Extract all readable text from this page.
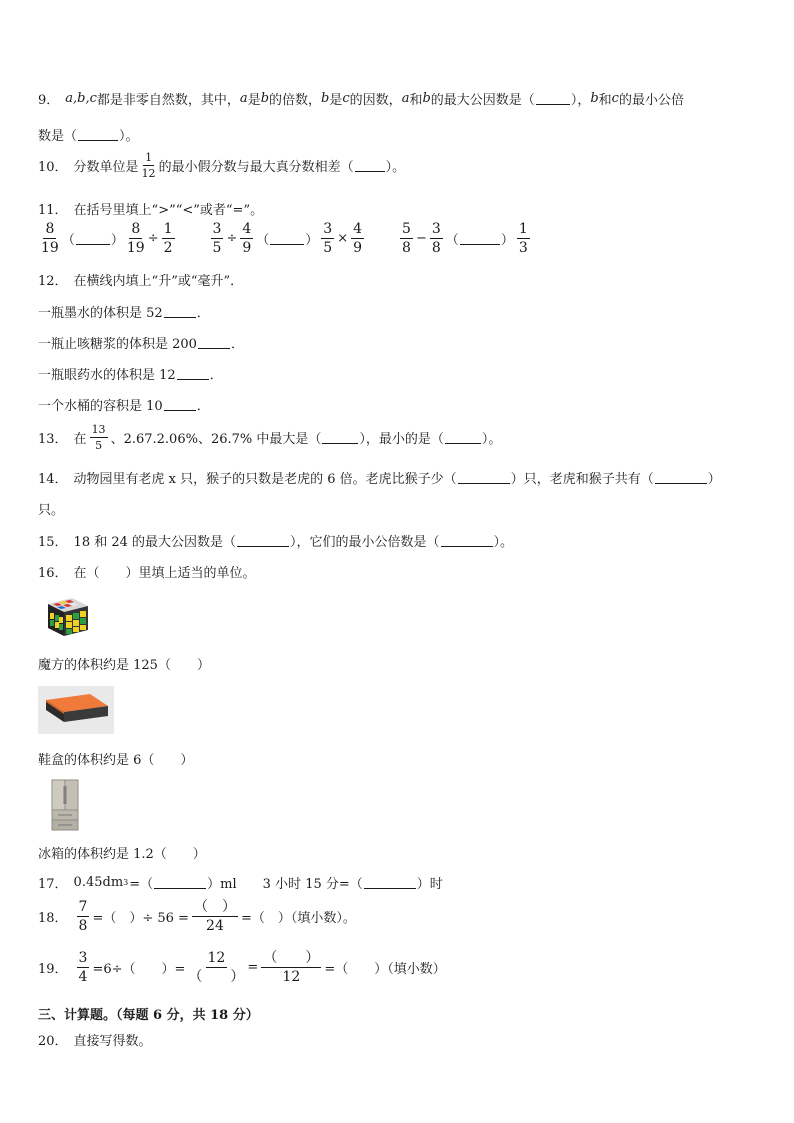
9． a,b,c 都是非零自然数，其中， a 是 b 的倍数， b 是 c 的因数， a 和 b 的最大公因数是（	）， b 和 c 的最小公倍
数是（	）。
10． 分数单位是 $\frac{1}{12}$ 的最小假分数与最大真分数相差（ ）。
11． 在括号里填上“>”“<”或者“=”。
$\frac{8}{19}$ （	） $\frac{8}{19} \div \frac{1}{2}$	$\frac{3}{5} \div \frac{4}{9}$ （	） $\frac{3}{5} \times \frac{4}{9}$	$\frac{5}{8} - \frac{3}{8}$ （	） $\frac{1}{3}$
12． 在横线内填上“升”或“毫升”．
一瓶墨水的体积是 52	．
一瓶止咳糖浆的体积是 200	．
一瓶眼药水的体积是 12	．
一个水桶的容积是 10	．
13． 在 $\frac{13}{5}$ 、2.67.2.06%、26.7% 中最大是（	），最小的是（	）。
14． 动物园里有老虎 x 只，猴子的只数是老虎的 6 倍。老虎比猴子少（	）只，老虎和猴子共有（	）
只。
15． 18 和 24 的最大公因数是（	），它们的最小公倍数是（	）。
16． 在（　　）里填上适当的单位。
魔方的体积约是 125（　　）
鞋盒的体积约是 6（　　）
冰箱的体积约是 1.2（　　）
17． 0.45dm 3 =（	）ml 3 小时 15 分=（	）时
18． $\frac{7}{8}$ =（　）÷ $56 = \frac{( )}{24}$ =（　）（填小数）。
19． $\frac{3}{4} =6\div$（　　）= $\frac{12}{( )} = \frac{( )}{12}$ =（　　）（填小数）
三、计算题。（每题 6 分，共 18 分）
20． 直接写得数。
